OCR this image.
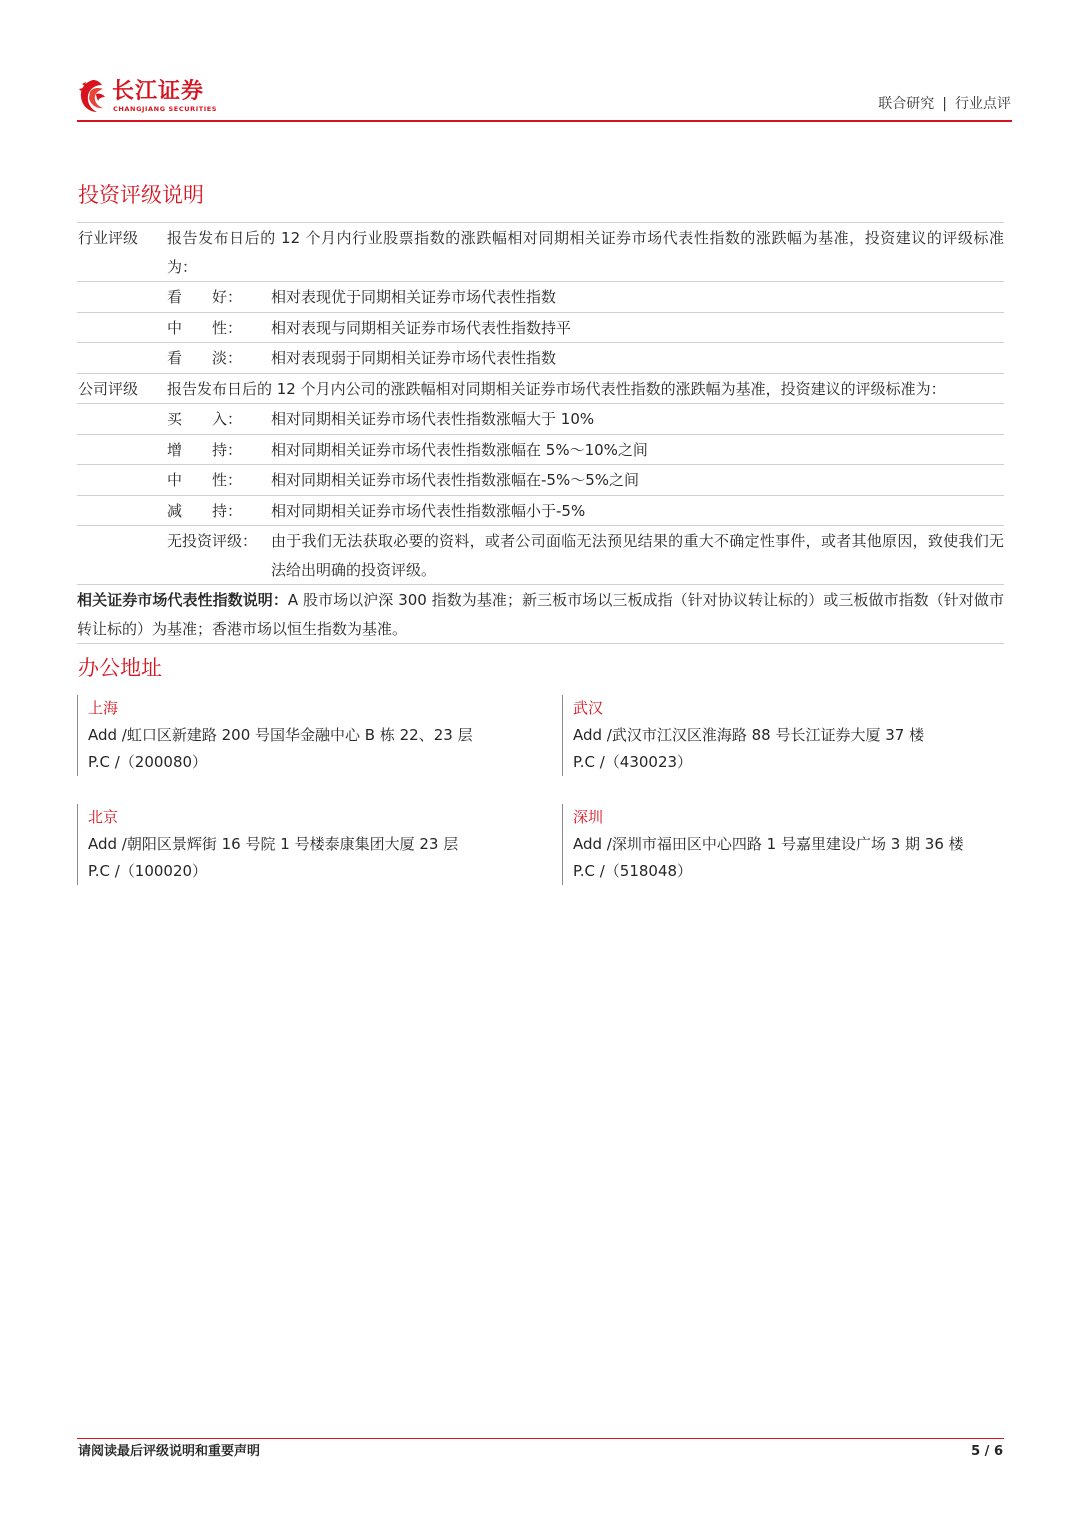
长江证券
CHANGJIANG SECURITIES	联合研究 | 行业点评
投资评级说明
行业评级 报告发布日后的 12 个月内行业股票指数的涨跌幅相对同期相关证券市场代表性指数的涨跌幅为基准，投资建议的评级标准为：
看　　好： 相对表现优于同期相关证券市场代表性指数
中　　性： 相对表现与同期相关证券市场代表性指数持平
看　　淡： 相对表现弱于同期相关证券市场代表性指数
公司评级 报告发布日后的 12 个月内公司的涨跌幅相对同期相关证券市场代表性指数的涨跌幅为基准，投资建议的评级标准为：
买　　入： 相对同期相关证券市场代表性指数涨幅大于 10%
增　　持： 相对同期相关证券市场代表性指数涨幅在 5%～10%之间
中　　性： 相对同期相关证券市场代表性指数涨幅在-5%～5%之间
减　　持： 相对同期相关证券市场代表性指数涨幅小于-5%
无投资评级： 由于我们无法获取必要的资料，或者公司面临无法预见结果的重大不确定性事件，或者其他原因，致使我们无法给出明确的投资评级。
相关证券市场代表性指数说明：A 股市场以沪深 300 指数为基准；新三板市场以三板成指（针对协议转让标的）或三板做市指数（针对做市转让标的）为基准；香港市场以恒生指数为基准。
办公地址
上海
Add /虹口区新建路 200 号国华金融中心 B 栋 22、23 层
P.C /（200080）
武汉
Add /武汉市江汉区淮海路 88 号长江证券大厦 37 楼
P.C /（430023）
北京
Add /朝阳区景辉街 16 号院 1 号楼泰康集团大厦 23 层
P.C /（100020）
深圳
Add /深圳市福田区中心四路 1 号嘉里建设广场 3 期 36 楼
P.C /（518048）
请阅读最后评级说明和重要声明	5 / 6
